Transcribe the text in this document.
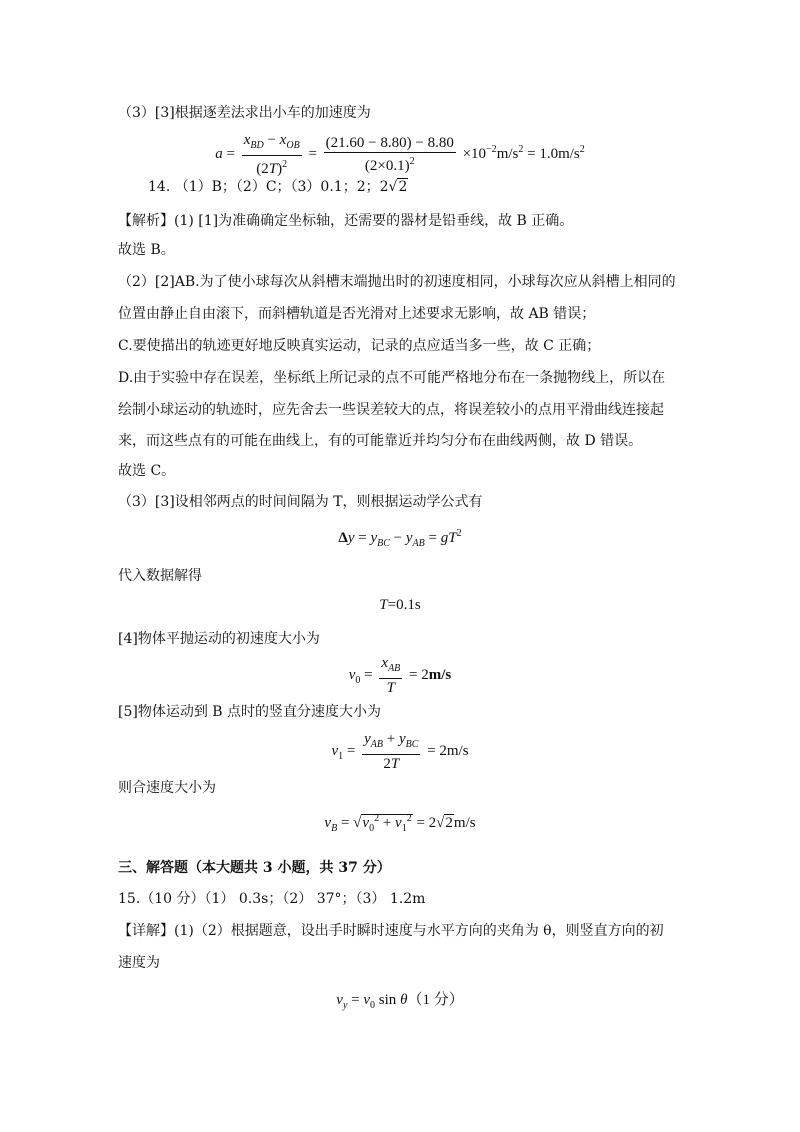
（3）[3]根据逐差法求出小车的加速度为
$a = \frac{x_{BD} - x_{OB}}{(2T)^2} = \frac{(21.60 - 8.80) - 8.80}{(2\times 0.1)^2} \times 10^{-2}m/s^2 = 1.0m/s^2$
14. （1）B；（2）C；（3）0.1；2；2√2
【解析】(1) [1]为准确确定坐标轴，还需要的器材是铅垂线，故 B 正确。
故选 B。
（2）[2]AB.为了使小球每次从斜槽末端抛出时的初速度相同，小球每次应从斜槽上相同的
位置由静止自由滚下，而斜槽轨道是否光滑对上述要求无影响，故 AB 错误；
C.要使描出的轨迹更好地反映真实运动，记录的点应适当多一些，故 C 正确；
D.由于实验中存在误差，坐标纸上所记录的点不可能严格地分布在一条抛物线上，所以在
绘制小球运动的轨迹时，应先舍去一些误差较大的点，将误差较小的点用平滑曲线连接起
来，而这些点有的可能在曲线上，有的可能靠近并均匀分布在曲线两侧，故 D 错误。
故选 C。
（3）[3]设相邻两点的时间间隔为 T，则根据运动学公式有
$\Delta y = y_{BC} - y_{AB} = gT^2$
代入数据解得
T=0.1s
[4]物体平抛运动的初速度大小为
$v_0 = \frac{x_{AB}}{T} = 2m/s$
[5]物体运动到 B 点时的竖直分速度大小为
$v_1 = \frac{y_{AB} + y_{BC}}{2T} = 2m/s$
则合速度大小为
$v_B = √v_0^2 + v_1^2 = 2√2m/s$
三、解答题（本大题共 3 小题，共 37 分）
15.（10 分）（1） 0.3s；（2） 37°；（3） 1.2m
【详解】(1)（2）根据题意，设出手时瞬时速度与水平方向的夹角为 θ，则竖直方向的初
速度为
$v_y = v_0$ sin θ（1 分）
